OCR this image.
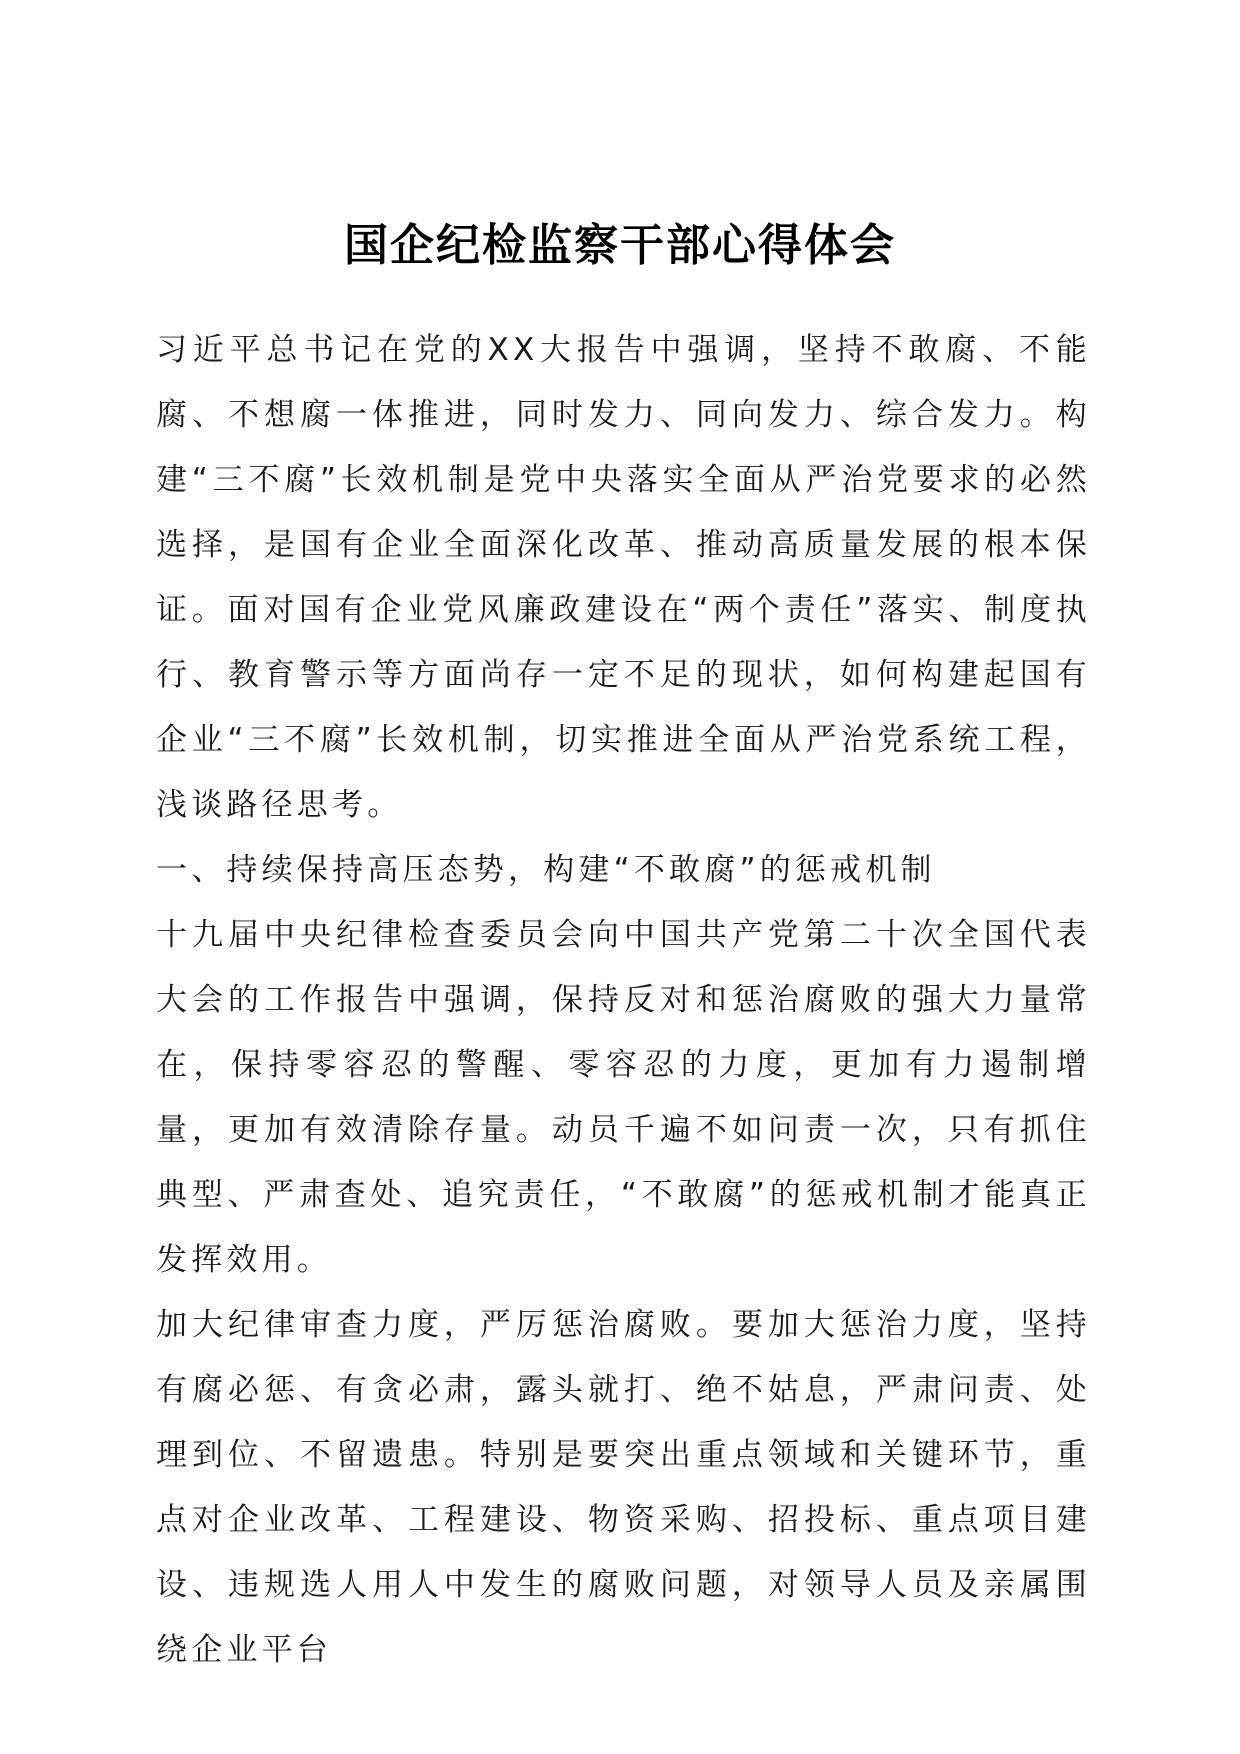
国企纪检监察干部心得体会

习近平总书记在党的XX大报告中强调，坚持不敢腐、不能腐、不想腐一体推进，同时发力、同向发力、综合发力。构建“三不腐”长效机制是党中央落实全面从严治党要求的必然选择，是国有企业全面深化改革、推动高质量发展的根本保证。面对国有企业党风廉政建设在“两个责任”落实、制度执行、教育警示等方面尚存一定不足的现状，如何构建起国有企业“三不腐”长效机制，切实推进全面从严治党系统工程，浅谈路径思考。

一、持续保持高压态势，构建“不敢腐”的惩戒机制

十九届中央纪律检查委员会向中国共产党第二十次全国代表大会的工作报告中强调，保持反对和惩治腐败的强大力量常在，保持零容忍的警醒、零容忍的力度，更加有力遏制增量，更加有效清除存量。动员千遍不如问责一次，只有抓住典型、严肃查处、追究责任，“不敢腐”的惩戒机制才能真正发挥效用。

加大纪律审查力度，严厉惩治腐败。要加大惩治力度，坚持有腐必惩、有贪必肃，露头就打、绝不姑息，严肃问责、处理到位、不留遗患。特别是要突出重点领域和关键环节，重点对企业改革、工程建设、物资采购、招投标、重点项目建设、违规选人用人中发生的腐败问题，对领导人员及亲属围绕企业平台
